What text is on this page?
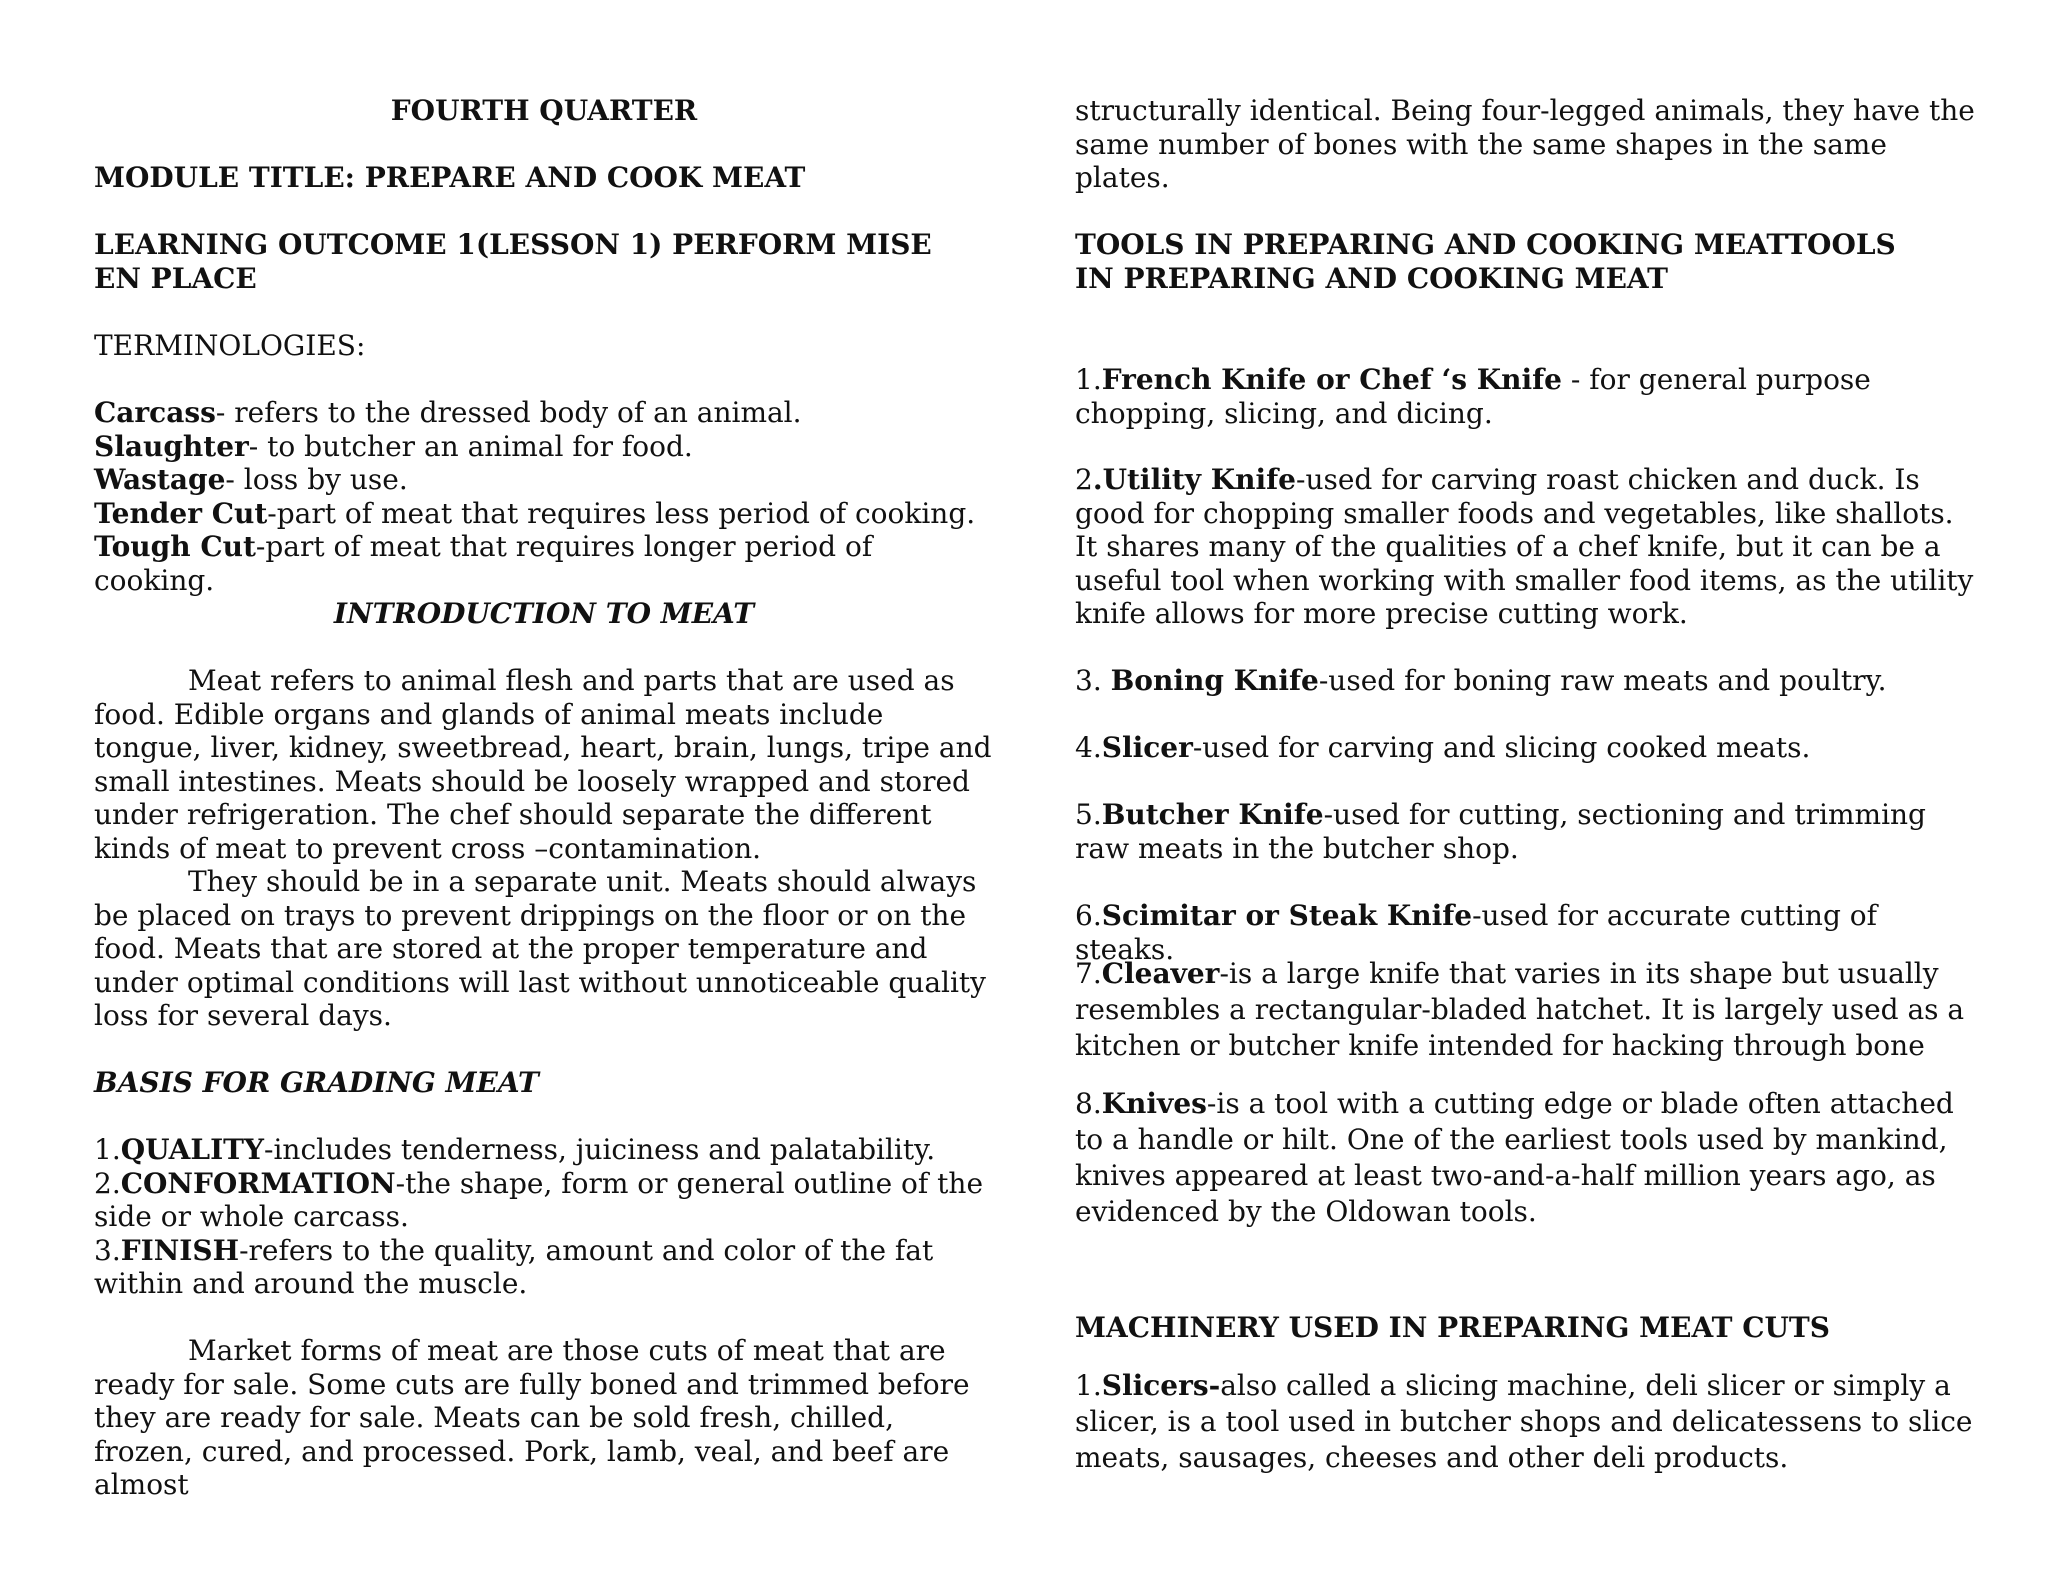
FOURTH QUARTER

MODULE TITLE: PREPARE AND COOK MEAT

LEARNING OUTCOME 1(LESSON 1) PERFORM MISE EN PLACE

TERMINOLOGIES:

Carcass- refers to the dressed body of an animal.

Slaughter- to butcher an animal for food.

Wastage- loss by use.

Tender Cut-part of meat that requires less period of cooking.

Tough Cut-part of meat that requires longer period of cooking.

INTRODUCTION TO MEAT

Meat refers to animal flesh and parts that are used as food. Edible organs and glands of animal meats include tongue, liver, kidney, sweetbread, heart, brain, lungs, tripe and small intestines. Meats should be loosely wrapped and stored under refrigeration. The chef should separate the different kinds of meat to prevent cross –contamination.

They should be in a separate unit. Meats should always be placed on trays to prevent drippings on the floor or on the food. Meats that are stored at the proper temperature and under optimal conditions will last without unnoticeable quality loss for several days.

BASIS FOR GRADING MEAT

1.QUALITY-includes tenderness, juiciness and palatability.

2.CONFORMATION-the shape, form or general outline of the side or whole carcass.

3.FINISH-refers to the quality, amount and color of the fat within and around the muscle.

Market forms of meat are those cuts of meat that are ready for sale. Some cuts are fully boned and trimmed before they are ready for sale. Meats can be sold fresh, chilled, frozen, cured, and processed. Pork, lamb, veal, and beef are almost

structurally identical. Being four-legged animals, they have the same number of bones with the same shapes in the same plates.

TOOLS IN PREPARING AND COOKING MEATTOOLS IN PREPARING AND COOKING MEAT

1.French Knife or Chef ‘s Knife - for general purpose chopping, slicing, and dicing.

2.Utility Knife-used for carving roast chicken and duck. Is good for chopping smaller foods and vegetables, like shallots. It shares many of the qualities of a chef knife, but it can be a useful tool when working with smaller food items, as the utility knife allows for more precise cutting work.

3. Boning Knife-used for boning raw meats and poultry.

4.Slicer-used for carving and slicing cooked meats.

5.Butcher Knife-used for cutting, sectioning and trimming raw meats in the butcher shop.

6.Scimitar or Steak Knife-used for accurate cutting of steaks.

7.Cleaver-is a large knife that varies in its shape but usually resembles a rectangular-bladed hatchet. It is largely used as a kitchen or butcher knife intended for hacking through bone

8.Knives-is a tool with a cutting edge or blade often attached to a handle or hilt. One of the earliest tools used by mankind, knives appeared at least two-and-a-half million years ago, as evidenced by the Oldowan tools.

MACHINERY USED IN PREPARING MEAT CUTS

1.Slicers-also called a slicing machine, deli slicer or simply a slicer, is a tool used in butcher shops and delicatessens to slice meats, sausages, cheeses and other deli products.
